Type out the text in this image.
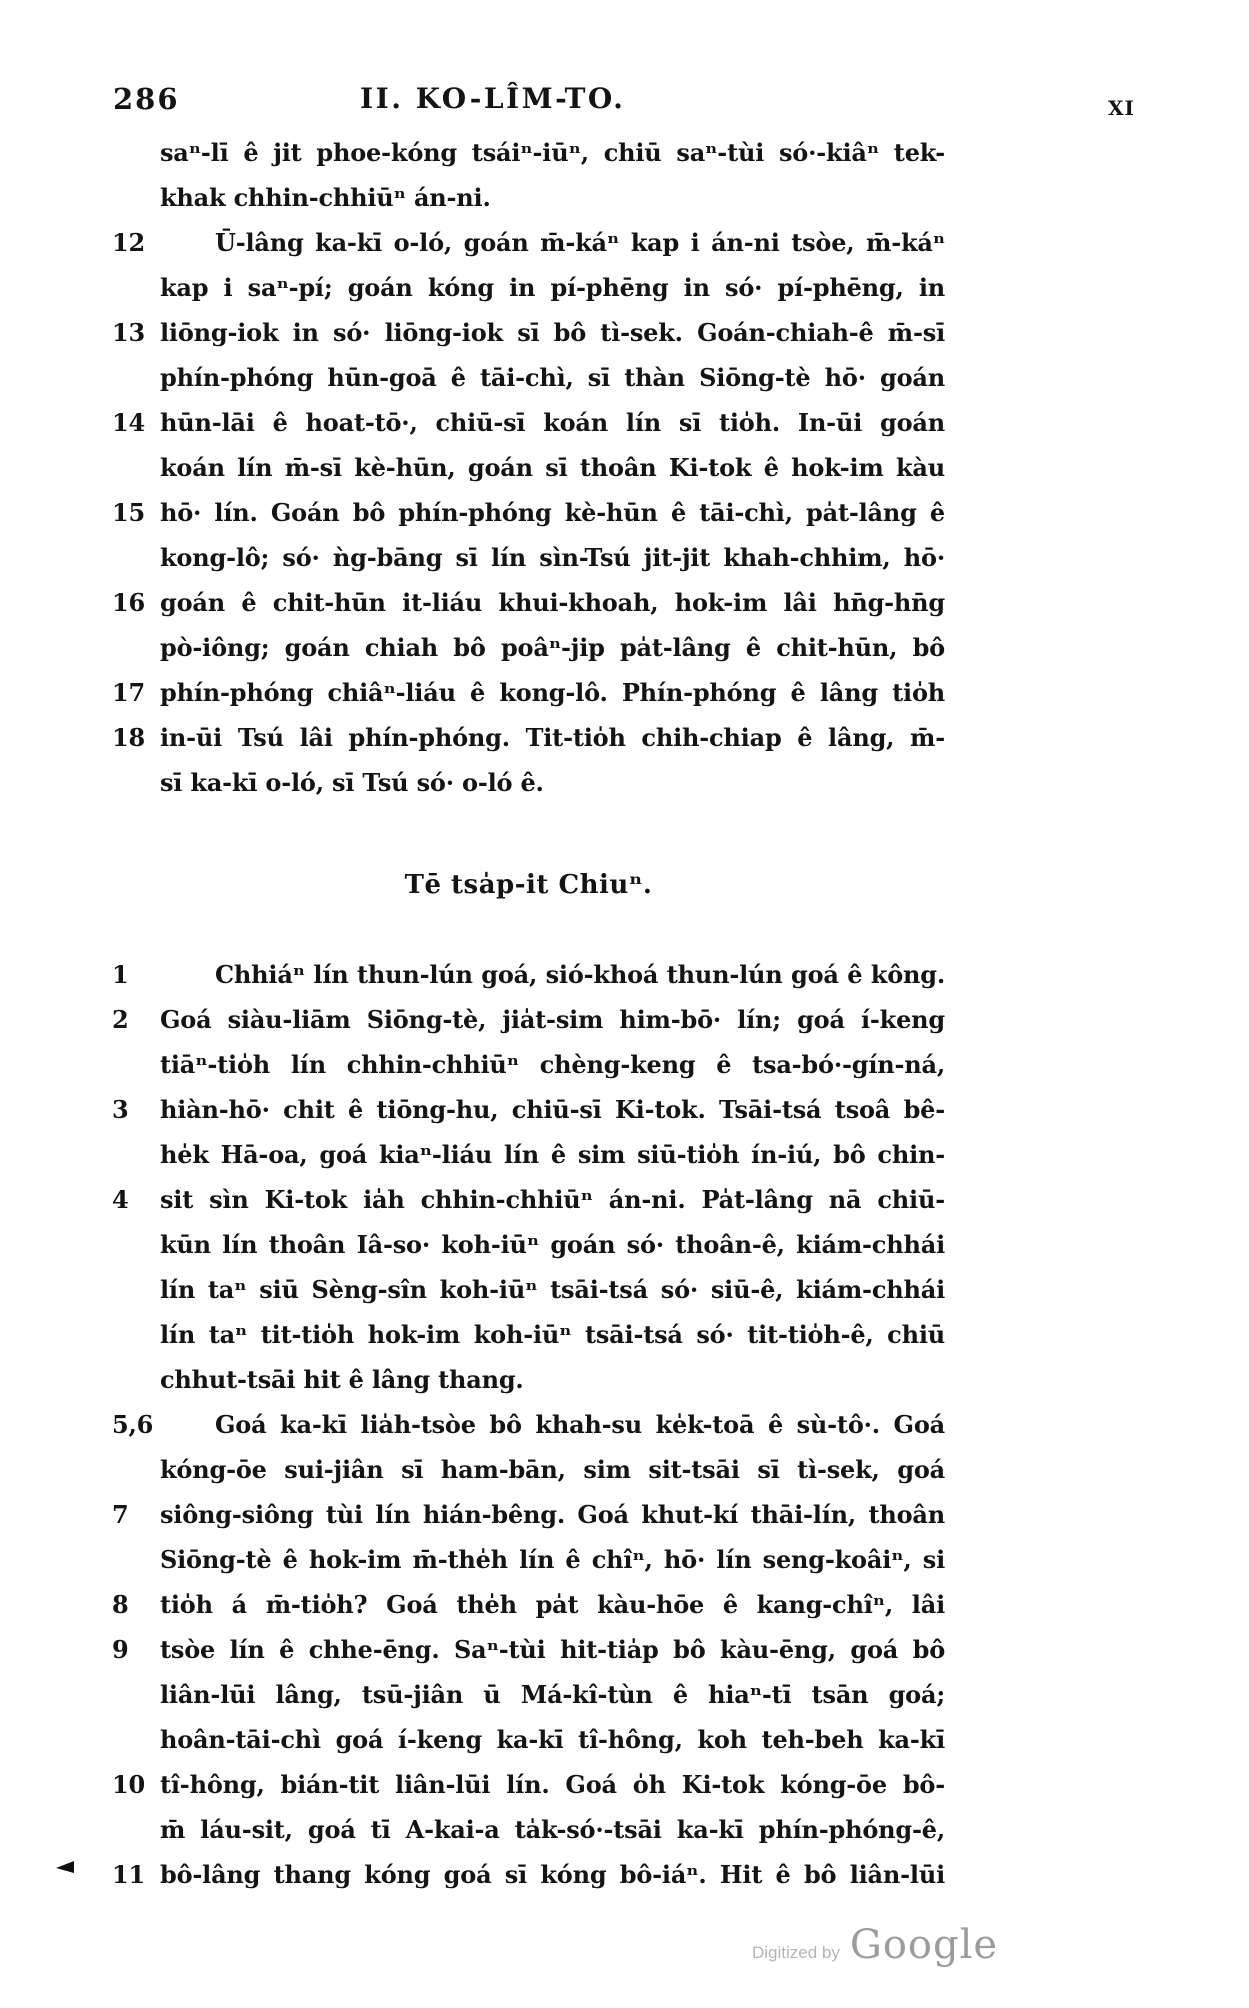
286	II. KO-LÎM-TO.	XI
saⁿ-lī ê jit phoe-kóng tsáiⁿ-iūⁿ, chiū saⁿ-tùi só·-kiâⁿ tek-
khak chhin-chhiūⁿ án-ni.
12	Ū-lâng ka-kī o-ló, goán m̄-káⁿ kap i án-ni tsòe, m̄-káⁿ
kap i saⁿ-pí; goán kóng in pí-phēng in só· pí-phēng, in
13 liōng-iok in só· liōng-iok sī bô tì-sek. Goán-chiah-ê m̄-sī
phín-phóng hūn-goā ê tāi-chì, sī thàn Siōng-tè hō· goán
14 hūn-lāi ê hoat-tō·, chiū-sī koán lín sī tio̍h. In-ūi goán
koán lín m̄-sī kè-hūn, goán sī thoân Ki-tok ê hok-im kàu
15 hō· lín. Goán bô phín-phóng kè-hūn ê tāi-chì, pa̍t-lâng ê
kong-lô; só· ǹg-bāng sī lín sìn-Tsú jit-jit khah-chhim, hō·
16 goán ê chit-hūn it-liáu khui-khoah, hok-im lâi hn̄g-hn̄g
pò-iông; goán chiah bô poâⁿ-jip pa̍t-lâng ê chit-hūn, bô
17 phín-phóng chiâⁿ-liáu ê kong-lô. Phín-phóng ê lâng tio̍h
18 in-ūi Tsú lâi phín-phóng. Tit-tio̍h chih-chiap ê lâng, m̄-
sī ka-kī o-ló, sī Tsú só· o-ló ê.
Tē tsa̍p-it Chiuⁿ.
1	Chhiáⁿ lín thun-lún goá, sió-khoá thun-lún goá ê kông.
2 Goá siàu-liām Siōng-tè, jia̍t-sim him-bō· lín; goá í-keng
tiāⁿ-tio̍h lín chhin-chhiūⁿ chèng-keng ê tsa-bó·-gín-ná,
3 hiàn-hō· chit ê tiōng-hu, chiū-sī Ki-tok. Tsāi-tsá tsoâ bê-
he̍k Hā-oa, goá kiaⁿ-liáu lín ê sim siū-tio̍h ín-iú, bô chin-
4 sit sìn Ki-tok ia̍h chhin-chhiūⁿ án-ni. Pa̍t-lâng nā chiū-
kūn lín thoân Iâ-so· koh-iūⁿ goán só· thoân-ê, kiám-chhái
lín taⁿ siū Sèng-sîn koh-iūⁿ tsāi-tsá só· siū-ê, kiám-chhái
lín taⁿ tit-tio̍h hok-im koh-iūⁿ tsāi-tsá só· tit-tio̍h-ê, chiū
chhut-tsāi hit ê lâng thang.
5,6	Goá ka-kī lia̍h-tsòe bô khah-su ke̍k-toā ê sù-tô·. Goá
kóng-ōe sui-jiân sī ham-bān, sim sit-tsāi sī tì-sek, goá
7 siông-siông tùi lín hián-bêng. Goá khut-kí thāi-lín, thoân
Siōng-tè ê hok-im m̄-the̍h lín ê chîⁿ, hō· lín seng-koâiⁿ, si
8 tio̍h á m̄-tio̍h? Goá the̍h pa̍t kàu-hōe ê kang-chîⁿ, lâi
9 tsòe lín ê chhe-ēng. Saⁿ-tùi hit-tia̍p bô kàu-ēng, goá bô
liân-lūi lâng, tsū-jiân ū Má-kî-tùn ê hiaⁿ-tī tsān goá;
hoân-tāi-chì goá í-keng ka-kī tî-hông, koh teh-beh ka-kī
10 tî-hông, bián-tit liân-lūi lín. Goá o̍h Ki-tok kóng-ōe bô-
m̄ láu-sit, goá tī A-kai-a ta̍k-só·-tsāi ka-kī phín-phóng-ê,
11 bô-lâng thang kóng goá sī kóng bô-iáⁿ. Hit ê bô liân-lūi
Digitized by Google
